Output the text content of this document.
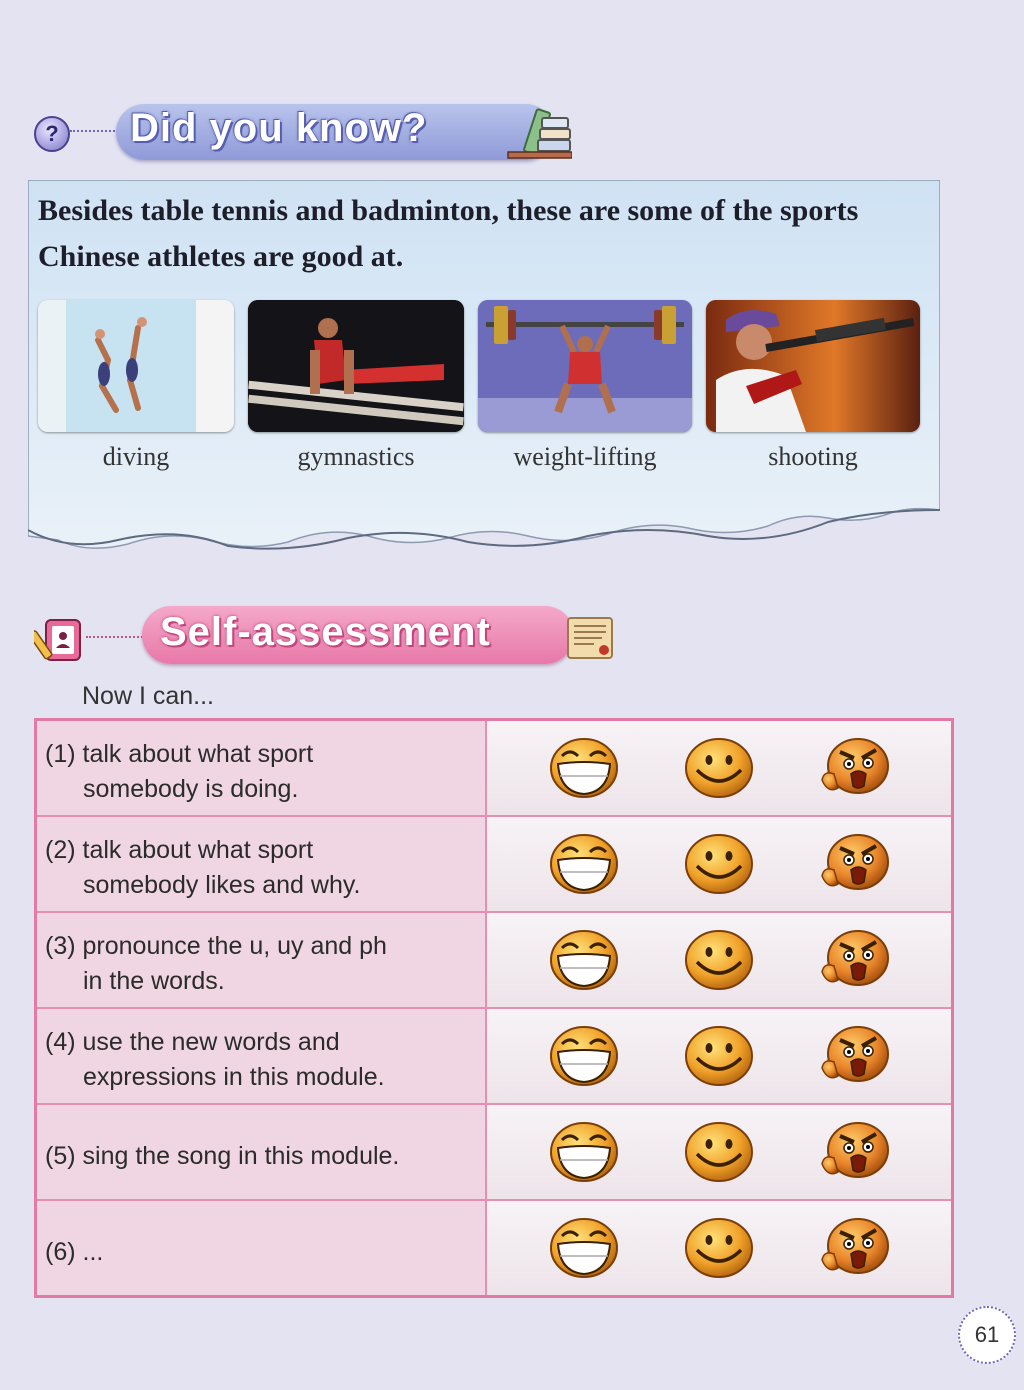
? Did you know?
Besides table tennis and badminton, these are some of the sports Chinese athletes are good at.
diving	gymnastics	weight-lifting	shooting
Self-assessment
Now I can...
(1) talk about what sport
somebody is doing.
(2) talk about what sport
somebody likes and why.
(3) pronounce the u, uy and ph
in the words.
(4) use the new words and
expressions in this module.
(5) sing the song in this module.
(6) ...
61
